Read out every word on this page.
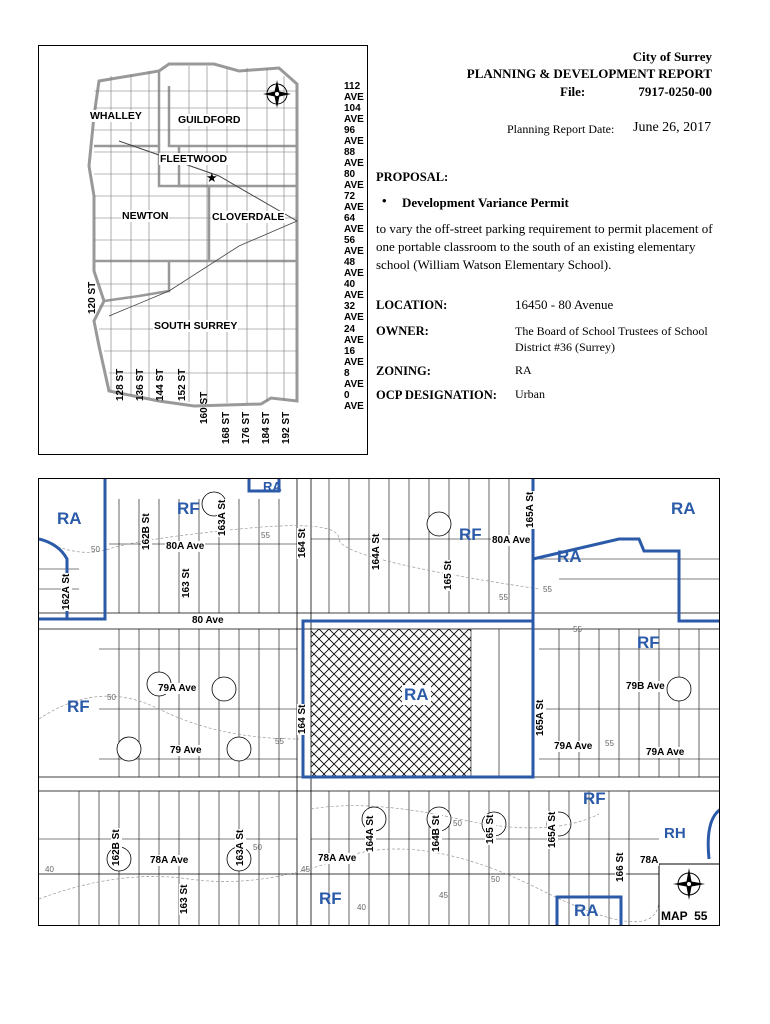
★
WHALLEY	GUILDFORD
FLEETWOOD
NEWTON	CLOVERDALE
SOUTH SURREY
112 AVE
104 AVE
96 AVE
88 AVE
80 AVE
72 AVE
64 AVE
56 AVE
48 AVE
40 AVE
32 AVE
24 AVE
16 AVE
8 AVE
0 AVE
120 ST
128 ST 136 ST 144 ST 152 ST
160 ST
168 ST 176 ST 184 ST 192 ST
City of Surrey
PLANNING & DEVELOPMENT REPORT
File:	7917-0250-00
Planning Report Date: June 26, 2017
PROPOSAL:
• Development Variance Permit
to vary the off-street parking requirement to permit placement of one portable classroom to the south of an existing elementary school (William Watson Elementary School).
LOCATION:	16450 - 80 Avenue
OWNER:	The Board of School Trustees of School District #36 (Surrey)
ZONING:	RA
OCP DESIGNATION: Urban
RA
RF
RA
RF
RA
RF
RA
RF
RA
RF
RH
RF
RA
80A Ave
80A Ave
80 Ave
79A Ave	79B Ave
79 Ave	79A Ave
79A Ave
78A Ave	78A Ave	78A
162B St	163A St
162A St	163 St
164 St	164A St
165 St
165A St
164 St	165A St
162B St	163A St	164A St	164B St	165 St	165A St
163 St
166 St
50
55
55
55
55
50
55	55
50
50
45
40
45
40
50
MAP  55
